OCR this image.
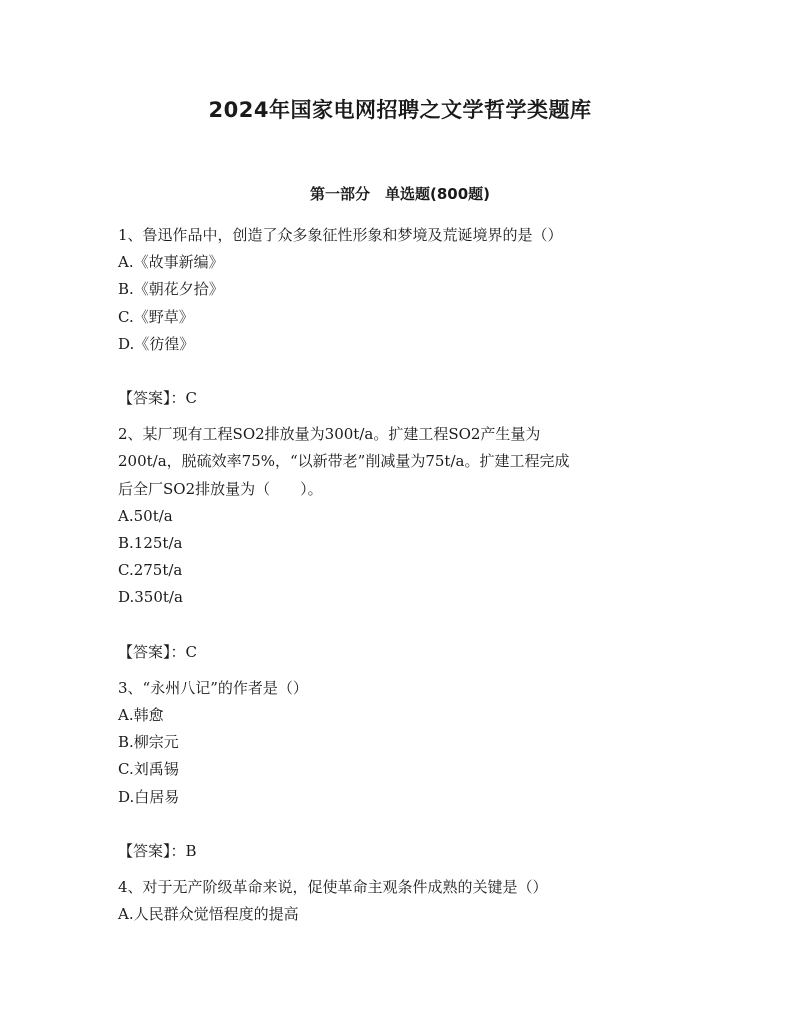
2024年国家电网招聘之文学哲学类题库
第一部分　单选题(800题)

1、鲁迅作品中，创造了众多象征性形象和梦境及荒诞境界的是（）

A.《故事新编》

B.《朝花夕拾》

C.《野草》

D.《彷徨》

【答案】：C

2、某厂现有工程SO2排放量为300t/a。扩建工程SO2产生量为

200t/a，脱硫效率75%，“以新带老”削减量为75t/a。扩建工程完成

后全厂SO2排放量为（　　）。

A.50t/a

B.125t/a

C.275t/a

D.350t/a

【答案】：C

3、“永州八记”的作者是（）

A.韩愈

B.柳宗元

C.刘禹锡

D.白居易

【答案】：B

4、对于无产阶级革命来说，促使革命主观条件成熟的关键是（）

A.人民群众觉悟程度的提高
